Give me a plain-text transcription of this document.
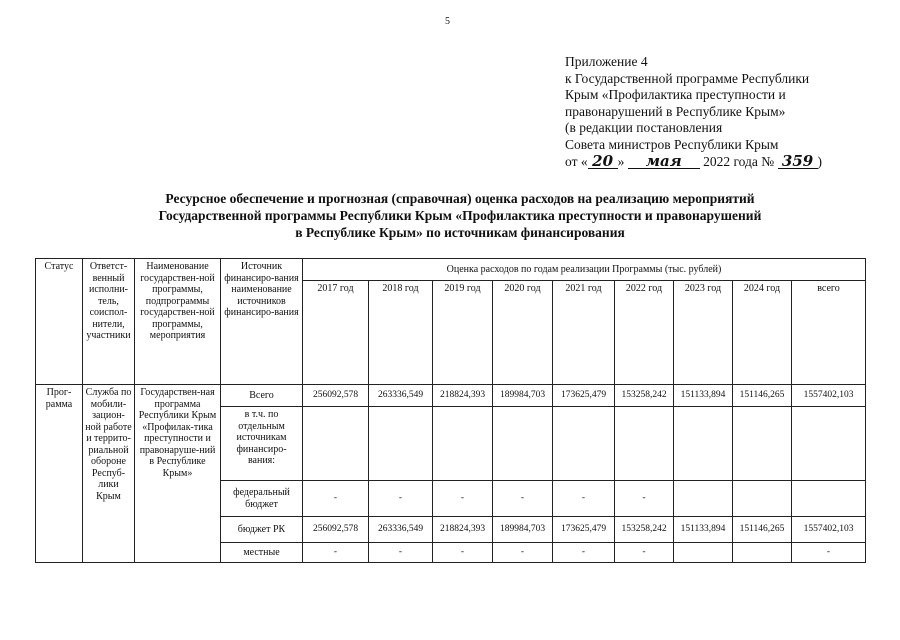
5
Приложение 4
к Государственной программе Республики
Крым «Профилактика преступности и
правонарушений в Республике Крым»
(в редакции постановления
Совета министров Республики Крым
от « 20 » мая 2022 года № 359 )
Ресурсное обеспечение и прогнозная (справочная) оценка расходов на реализацию мероприятий
Государственной программы Республики Крым «Профилактика преступности и правонарушений
в Республике Крым» по источникам финансирования
Статус	Ответст-венный исполни-тель, соиспол-нители, участники	Наименование государствен-ной программы, подпрограммы государствен-ной программы, мероприятия	Источник финансиро-вания наименование источников финансиро-вания	Оценка расходов по годам реализации Программы (тыс. рублей)								
				2017 год	2018 год	2019 год	2020 год	2021 год	2022 год	2023 год	2024 год	всего
Прог-рамма	Служба по мобили-зацион-ной работе и террито-риальной обороне Респуб-лики Крым	Государствен-ная программа Республики Крым «Профилак-тика преступности и правонаруше-ний в Республике Крым»	Всего	256092,578	263336,549	218824,393	189984,703	173625,479	153258,242	151133,894	151146,265	1557402,103
			в т.ч. по отдельным источникам финансиро-вания:									
			федеральный бюджет	-	-	-	-	-	-			
			бюджет РК	256092,578	263336,549	218824,393	189984,703	173625,479	153258,242	151133,894	151146,265	1557402,103
			местные	-	-	-	-	-	-			-
